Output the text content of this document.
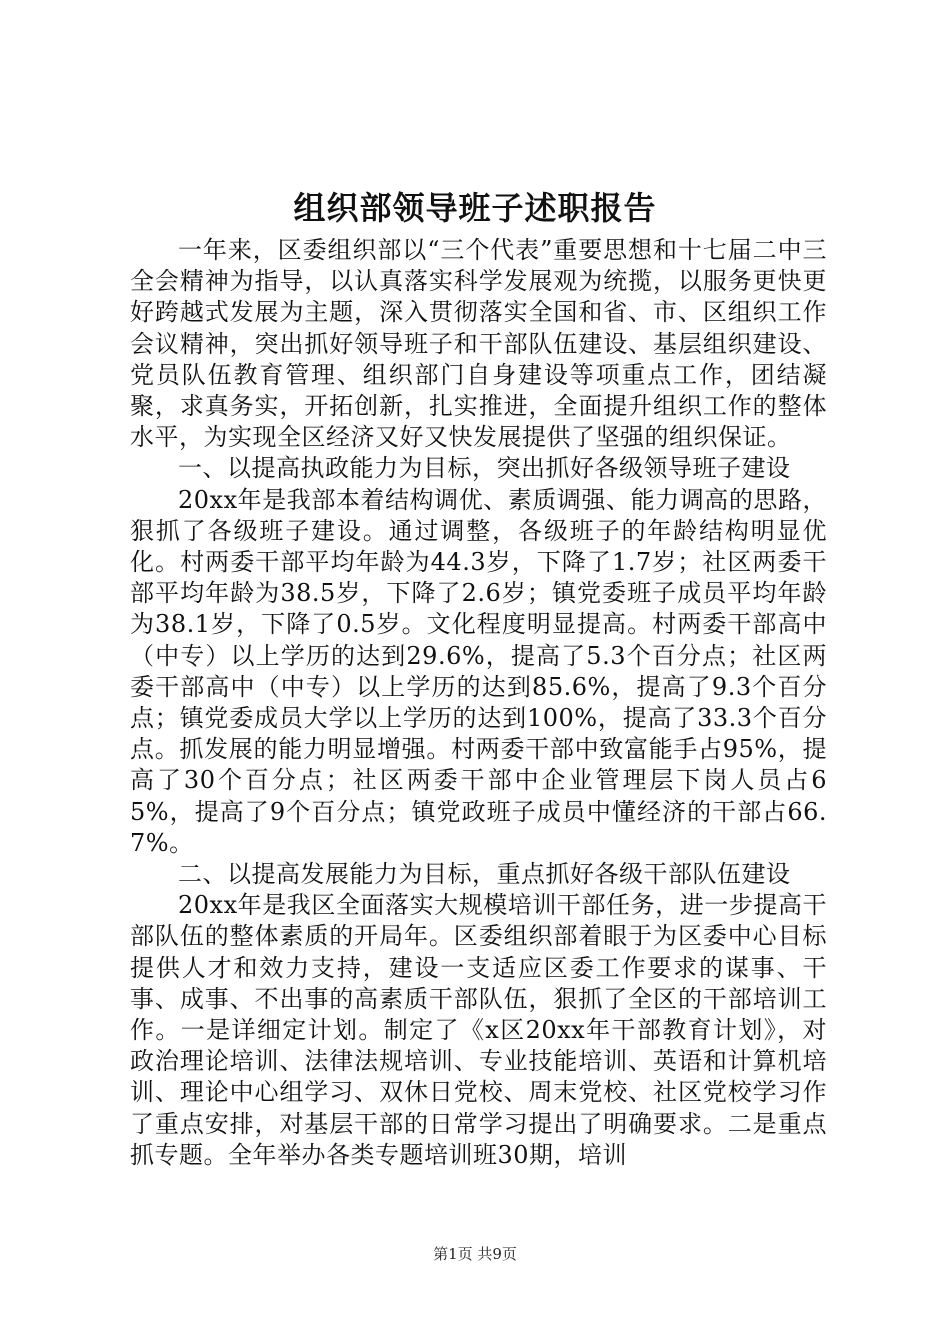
组织部领导班子述职报告

一年来，区委组织部以“三个代表”重要思想和十七届二中三全会精神为指导，以认真落实科学发展观为统揽，以服务更快更好跨越式发展为主题，深入贯彻落实全国和省、市、区组织工作会议精神，突出抓好领导班子和干部队伍建设、基层组织建设、党员队伍教育管理、组织部门自身建设等项重点工作，团结凝聚，求真务实，开拓创新，扎实推进，全面提升组织工作的整体水平，为实现全区经济又好又快发展提供了坚强的组织保证。

一、以提高执政能力为目标，突出抓好各级领导班子建设

20xx年是我部本着结构调优、素质调强、能力调高的思路，狠抓了各级班子建设。通过调整，各级班子的年龄结构明显优化。村两委干部平均年龄为44.3岁，下降了1.7岁；社区两委干部平均年龄为38.5岁，下降了2.6岁；镇党委班子成员平均年龄为38.1岁，下降了0.5岁。文化程度明显提高。村两委干部高中（中专）以上学历的达到29.6%，提高了5.3个百分点；社区两委干部高中（中专）以上学历的达到85.6%，提高了9.3个百分点；镇党委成员大学以上学历的达到100%，提高了33.3个百分点。抓发展的能力明显增强。村两委干部中致富能手占95%，提高了30个百分点；社区两委干部中企业管理层下岗人员占65%，提高了9个百分点；镇党政班子成员中懂经济的干部占66.7%。

二、以提高发展能力为目标，重点抓好各级干部队伍建设

20xx年是我区全面落实大规模培训干部任务，进一步提高干部队伍的整体素质的开局年。区委组织部着眼于为区委中心目标提供人才和效力支持，建设一支适应区委工作要求的谋事、干事、成事、不出事的高素质干部队伍，狠抓了全区的干部培训工作。一是详细定计划。制定了《x区20xx年干部教育计划》，对政治理论培训、法律法规培训、专业技能培训、英语和计算机培训、理论中心组学习、双休日党校、周末党校、社区党校学习作了重点安排，对基层干部的日常学习提出了明确要求。二是重点抓专题。全年举办各类专题培训班30期，培训

第1页 共9页
